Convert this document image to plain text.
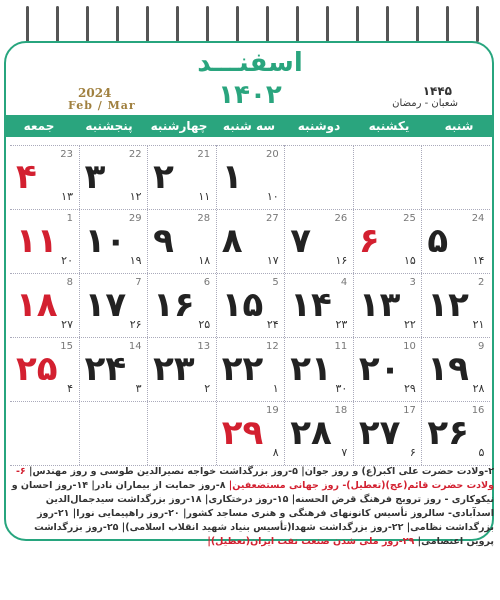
اسفنـــد
۱۴۰۲
2024
Feb / Mar
۱۴۴۵
شعبان - رمضان
شنبه
یکشنبه
دوشنبه
سه شنبه
چهارشنبه
پنجشنبه
جمعه
20
۱۰
۱
21
۱۱
۲
22
۱۲
۳
23
۱۳
۴
24
۱۴
۵
25
۱۵
۶
26
۱۶
۷
27
۱۷
۸
28
۱۸
۹
29
۱۹
۱۰
1
۲۰
۱۱
2
۲۱
۱۲
3
۲۲
۱۳
4
۲۳
۱۴
5
۲۴
۱۵
6
۲۵
۱۶
7
۲۶
۱۷
8
۲۷
۱۸
9
۲۸
۱۹
10
۲۹
۲۰
11
۳۰
۲۱
12
۱
۲۲
13
۲
۲۳
14
۳
۲۴
15
۴
۲۵
16
۵
۲۶
17
۶
۲۷
18
۷
۲۸
19
۸
۲۹
۲-ولادت حضرت علی اکبر(ع) و روز جوان| ۵-روز بزرگداشت خواجه نصیرالدین طوسی و روز مهندس| ۶-ولادت حضرت قائم(عج)(تعطیل)- روز جهانی مستضعفین| ۸-روز حمایت از بیماران نادر| ۱۴-روز احسان و نیکوکاری - روز ترویج فرهنگ قرض الحسنه| ۱۵-روز درختکاری| ۱۸-روز بزرگداشت سیدجمال‌الدین اسدآبادی- سالروز تأسیس کانونهای فرهنگی و هنری مساجد کشور| ۲۰-روز راهپیمایی نورا| ۲۱-روز بزرگداشت نظامی| ۲۲-روز بزرگداشت شهدا(تأسیس بنیاد شهید انقلاب اسلامی)| ۲۵-روز بزرگداشت پروین اعتصامی| ۲۹-روز ملی شدن صنعت نفت ایران(تعطیل)|
